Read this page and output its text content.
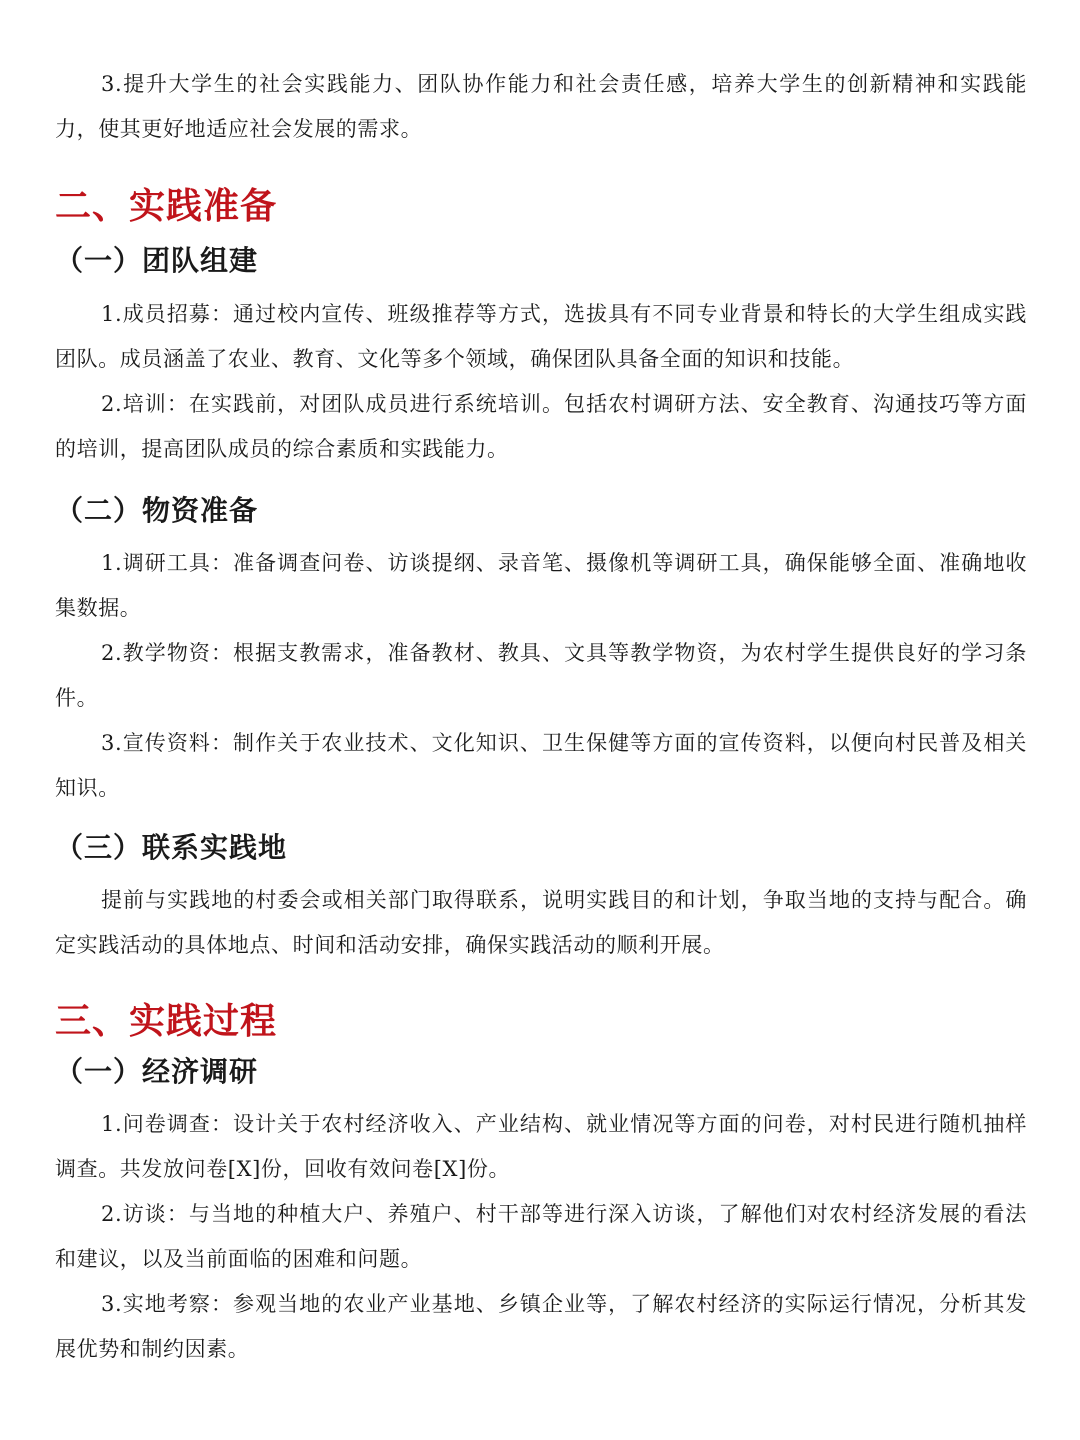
3.提升大学生的社会实践能力、团队协作能力和社会责任感，培养大学生的创新精神和实践能力，使其更好地适应社会发展的需求。

二、实践准备
（一）团队组建

1.成员招募：通过校内宣传、班级推荐等方式，选拔具有不同专业背景和特长的大学生组成实践团队。成员涵盖了农业、教育、文化等多个领域，确保团队具备全面的知识和技能。

2.培训：在实践前，对团队成员进行系统培训。包括农村调研方法、安全教育、沟通技巧等方面的培训，提高团队成员的综合素质和实践能力。

（二）物资准备

1.调研工具：准备调查问卷、访谈提纲、录音笔、摄像机等调研工具，确保能够全面、准确地收集数据。

2.教学物资：根据支教需求，准备教材、教具、文具等教学物资，为农村学生提供良好的学习条件。

3.宣传资料：制作关于农业技术、文化知识、卫生保健等方面的宣传资料，以便向村民普及相关知识。

（三）联系实践地

提前与实践地的村委会或相关部门取得联系，说明实践目的和计划，争取当地的支持与配合。确定实践活动的具体地点、时间和活动安排，确保实践活动的顺利开展。

三、实践过程
（一）经济调研

1.问卷调查：设计关于农村经济收入、产业结构、就业情况等方面的问卷，对村民进行随机抽样调查。共发放问卷[X]份，回收有效问卷[X]份。

2.访谈：与当地的种植大户、养殖户、村干部等进行深入访谈，了解他们对农村经济发展的看法和建议，以及当前面临的困难和问题。

3.实地考察：参观当地的农业产业基地、乡镇企业等，了解农村经济的实际运行情况，分析其发展优势和制约因素。
